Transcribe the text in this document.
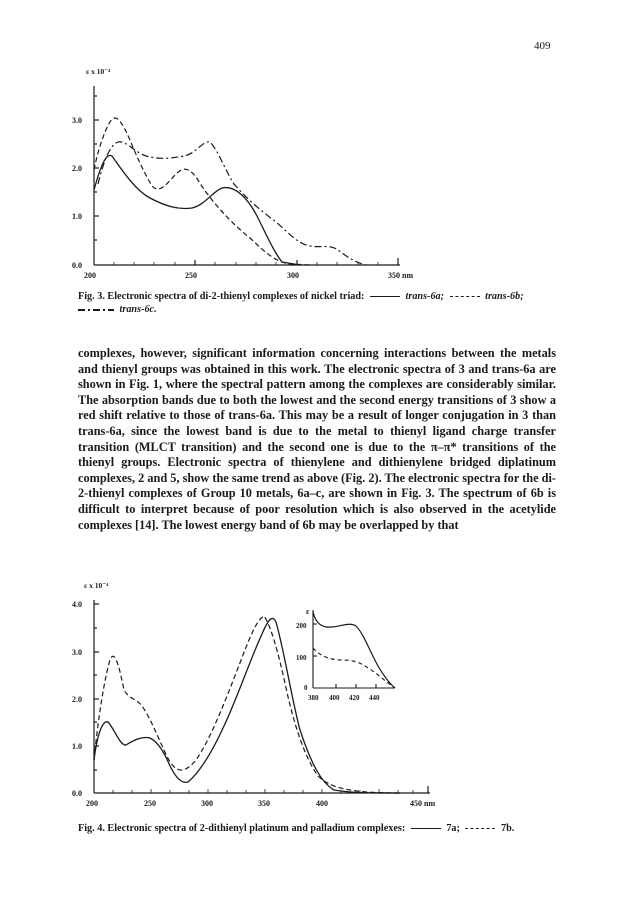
409
ε x 10⁻⁴
3.0
2.0
1.0
0.0
200	250	300	350 nm
ε
200
100
0
380 400 420 440
ε x 10⁻⁴
4.0
3.0
2.0
1.0
0.0
200	250	300	350	400	450 nm
Fig. 3. Electronic spectra of di-2-thienyl complexes of nickel triad:	trans-6a;	trans-6b;
trans-6c.

complexes, however, significant information concerning interactions between the metals and thienyl groups was obtained in this work. The electronic spectra of 3 and trans-6a are shown in Fig. 1, where the spectral pattern among the complexes are considerably similar. The absorption bands due to both the lowest and the second energy transitions of 3 show a red shift relative to those of trans-6a. This may be a result of longer conjugation in 3 than trans-6a, since the lowest band is due to the metal to thienyl ligand charge transfer transition (MLCT transition) and the second one is due to the π–π* transitions of the thienyl groups. Electronic spectra of thienylene and dithienylene bridged diplatinum complexes, 2 and 5, show the same trend as above (Fig. 2). The electronic spectra for the di-2-thienyl complexes of Group 10 metals, 6a–c, are shown in Fig. 3. The spectrum of 6b is difficult to interpret because of poor resolution which is also observed in the acetylide complexes [14]. The lowest energy band of 6b may be overlapped by that

Fig. 4. Electronic spectra of 2-dithienyl platinum and palladium complexes:	7a;	7b.
